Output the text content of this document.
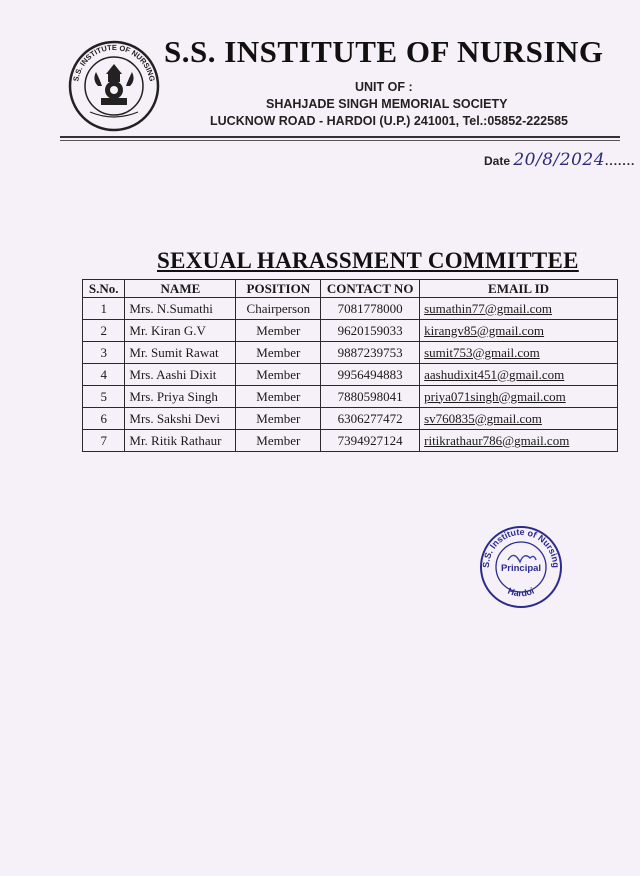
S.S. INSTITUTE OF NURSING
S.S. INSTITUTE OF NURSING
UNIT OF :
SHAHJADE SINGH MEMORIAL SOCIETY
LUCKNOW ROAD - HARDOI (U.P.) 241001, Tel.:05852-222585
Date 20/8/2024.......
SEXUAL HARASSMENT COMMITTEE
S.No.	NAME	POSITION	CONTACT NO	EMAIL ID
1	Mrs. N.Sumathi	Chairperson	7081778000	sumathin77@gmail.com
2	Mr. Kiran G.V	Member	9620159033	kirangv85@gmail.com
3	Mr. Sumit Rawat	Member	9887239753	sumit753@gmail.com
4	Mrs. Aashi Dixit	Member	9956494883	aashudixit451@gmail.com
5	Mrs. Priya Singh	Member	7880598041	priya071singh@gmail.com
6	Mrs. Sakshi Devi	Member	6306277472	sv760835@gmail.com
7	Mr. Ritik Rathaur	Member	7394927124	ritikrathaur786@gmail.com
S.S. Institute of Nursing
Hardoi
Principal
